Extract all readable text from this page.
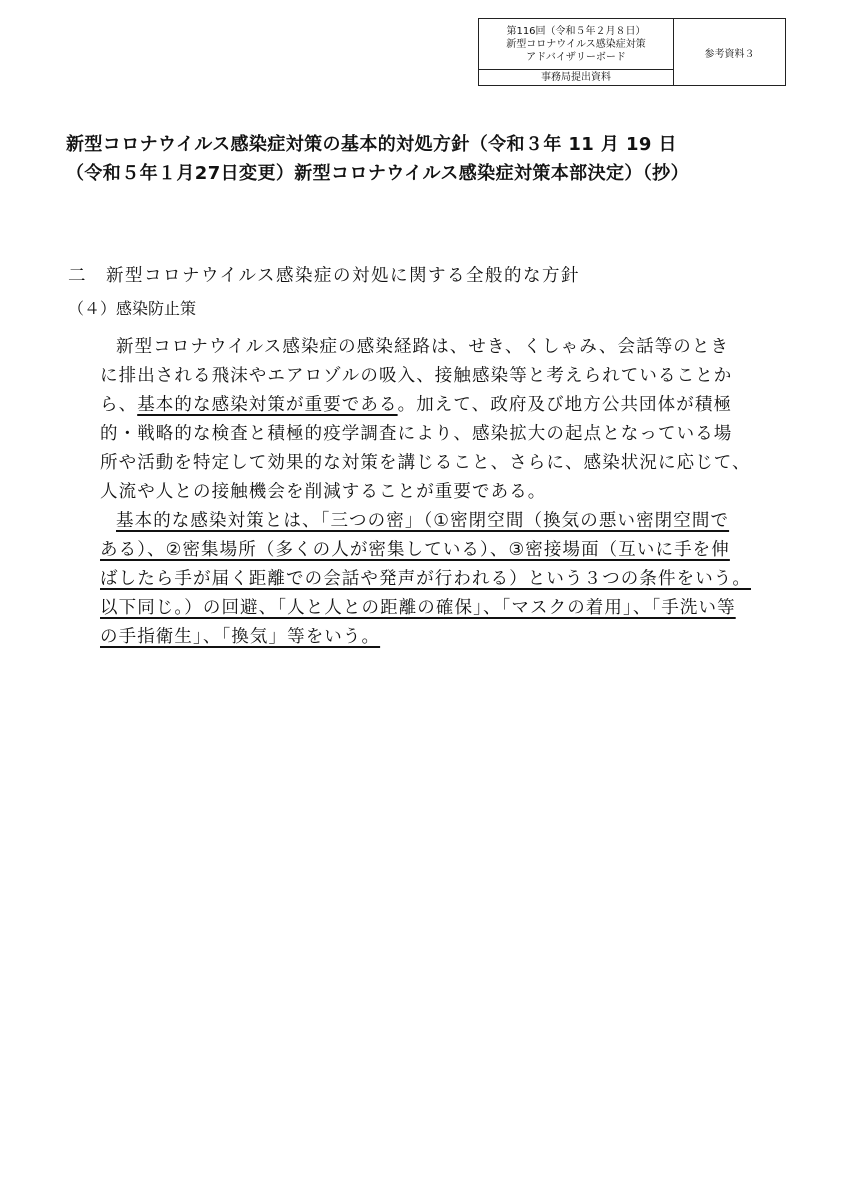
第116回（令和５年２月８日）
新型コロナウイルス感染症対策
アドバイザリーボード
事務局提出資料
参考資料３
新型コロナウイルス感染症対策の基本的対処方針（令和３年 11 月 19 日
（令和５年１月27日変更）新型コロナウイルス感染症対策本部決定）（抄）
二　新型コロナウイルス感染症の対処に関する全般的な方針
（４）感染防止策
新型コロナウイルス感染症の感染経路は、せき、くしゃみ、会話等のとき
に排出される飛沫やエアロゾルの吸入、接触感染等と考えられていることか
ら、基本的な感染対策が重要である。加えて、政府及び地方公共団体が積極
的・戦略的な検査と積極的疫学調査により、感染拡大の起点となっている場
所や活動を特定して効果的な対策を講じること、さらに、感染状況に応じて、
人流や人との接触機会を削減することが重要である。
基本的な感染対策とは、「三つの密」（①密閉空間（換気の悪い密閉空間で
ある）、②密集場所（多くの人が密集している）、③密接場面（互いに手を伸
ばしたら手が届く距離での会話や発声が行われる）という３つの条件をいう。
以下同じ。）の回避、「人と人との距離の確保」、「マスクの着用」、「手洗い等
の手指衛生」、「換気」等をいう。
